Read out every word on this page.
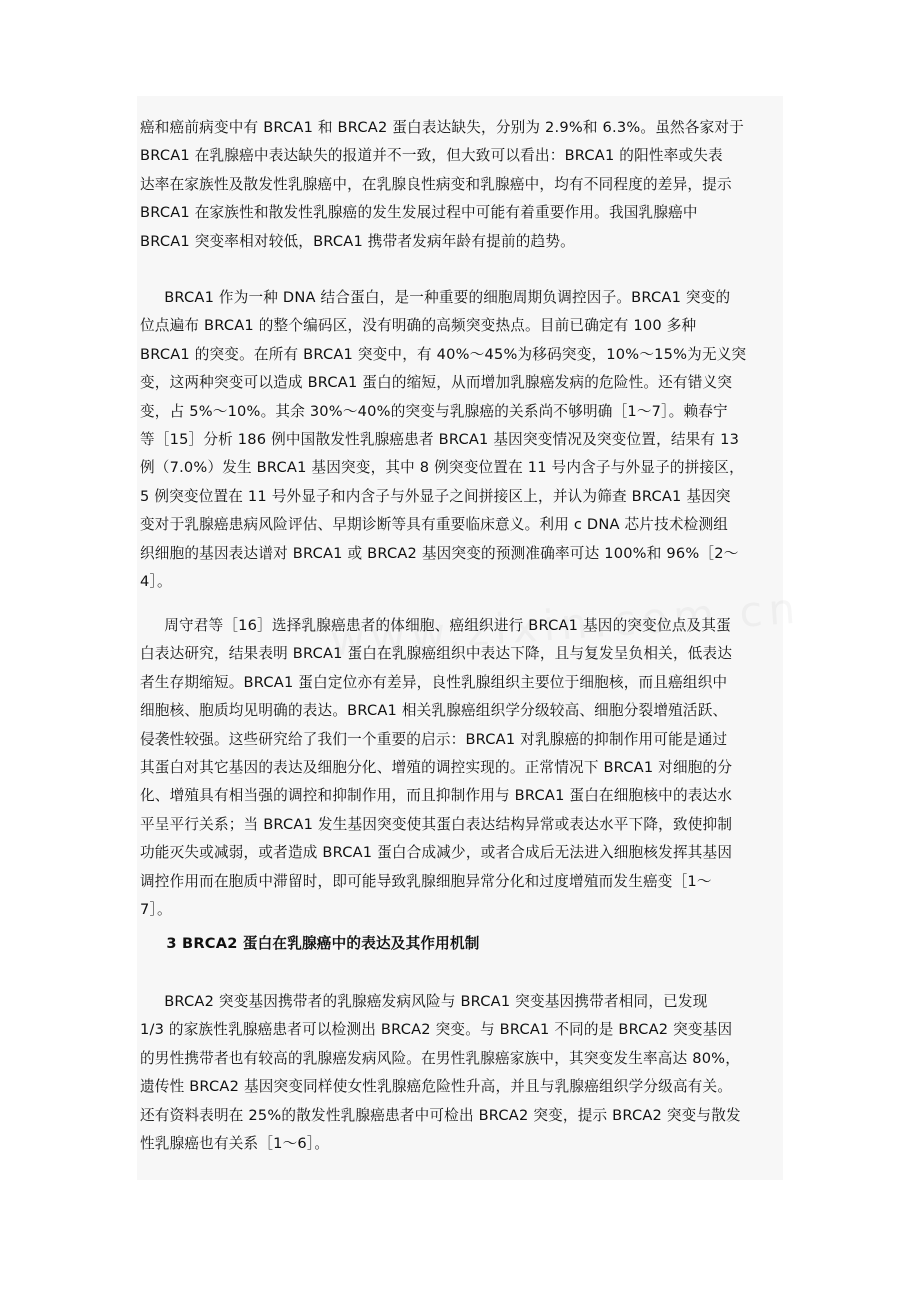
癌和癌前病变中有 BRCA1 和 BRCA2 蛋白表达缺失，分别为 2.9%和 6.3%。虽然各家对于
BRCA1 在乳腺癌中表达缺失的报道并不一致，但大致可以看出：BRCA1 的阳性率或失表
达率在家族性及散发性乳腺癌中，在乳腺良性病变和乳腺癌中，均有不同程度的差异，提示
BRCA1 在家族性和散发性乳腺癌的发生发展过程中可能有着重要作用。我国乳腺癌中
BRCA1 突变率相对较低，BRCA1 携带者发病年龄有提前的趋势。
BRCA1 作为一种 DNA 结合蛋白，是一种重要的细胞周期负调控因子。BRCA1 突变的
位点遍布 BRCA1 的整个编码区，没有明确的高频突变热点。目前已确定有 100 多种
BRCA1 的突变。在所有 BRCA1 突变中，有 40%～45%为移码突变，10%～15%为无义突
变，这两种突变可以造成 BRCA1 蛋白的缩短，从而增加乳腺癌发病的危险性。还有错义突
变，占 5%～10%。其余 30%～40%的突变与乳腺癌的关系尚不够明确［1～7］。赖春宁
等［15］分析 186 例中国散发性乳腺癌患者 BRCA1 基因突变情况及突变位置，结果有 13
例（7.0%）发生 BRCA1 基因突变，其中 8 例突变位置在 11 号内含子与外显子的拼接区，
5 例突变位置在 11 号外显子和内含子与外显子之间拼接区上，并认为筛查 BRCA1 基因突
变对于乳腺癌患病风险评估、早期诊断等具有重要临床意义。利用 c DNA 芯片技术检测组
织细胞的基因表达谱对 BRCA1 或 BRCA2 基因突变的预测准确率可达 100%和 96%［2～
4］。
周守君等［16］选择乳腺癌患者的体细胞、癌组织进行 BRCA1 基因的突变位点及其蛋
白表达研究，结果表明 BRCA1 蛋白在乳腺癌组织中表达下降，且与复发呈负相关，低表达
者生存期缩短。BRCA1 蛋白定位亦有差异，良性乳腺组织主要位于细胞核，而且癌组织中
细胞核、胞质均见明确的表达。BRCA1 相关乳腺癌组织学分级较高、细胞分裂增殖活跃、
侵袭性较强。这些研究给了我们一个重要的启示：BRCA1 对乳腺癌的抑制作用可能是通过
其蛋白对其它基因的表达及细胞分化、增殖的调控实现的。正常情况下 BRCA1 对细胞的分
化、增殖具有相当强的调控和抑制作用，而且抑制作用与 BRCA1 蛋白在细胞核中的表达水
平呈平行关系；当 BRCA1 发生基因突变使其蛋白表达结构异常或表达水平下降，致使抑制
功能灭失或减弱，或者造成 BRCA1 蛋白合成减少，或者合成后无法进入细胞核发挥其基因
调控作用而在胞质中滞留时，即可能导致乳腺细胞异常分化和过度增殖而发生癌变［1～
7］。
3 BRCA2 蛋白在乳腺癌中的表达及其作用机制
BRCA2 突变基因携带者的乳腺癌发病风险与 BRCA1 突变基因携带者相同，已发现
1/3 的家族性乳腺癌患者可以检测出 BRCA2 突变。与 BRCA1 不同的是 BRCA2 突变基因
的男性携带者也有较高的乳腺癌发病风险。在男性乳腺癌家族中，其突变发生率高达 80%，
遗传性 BRCA2 基因突变同样使女性乳腺癌危险性升高，并且与乳腺癌组织学分级高有关。
还有资料表明在 25%的散发性乳腺癌患者中可检出 BRCA2 突变，提示 BRCA2 突变与散发
性乳腺癌也有关系［1～6］。
